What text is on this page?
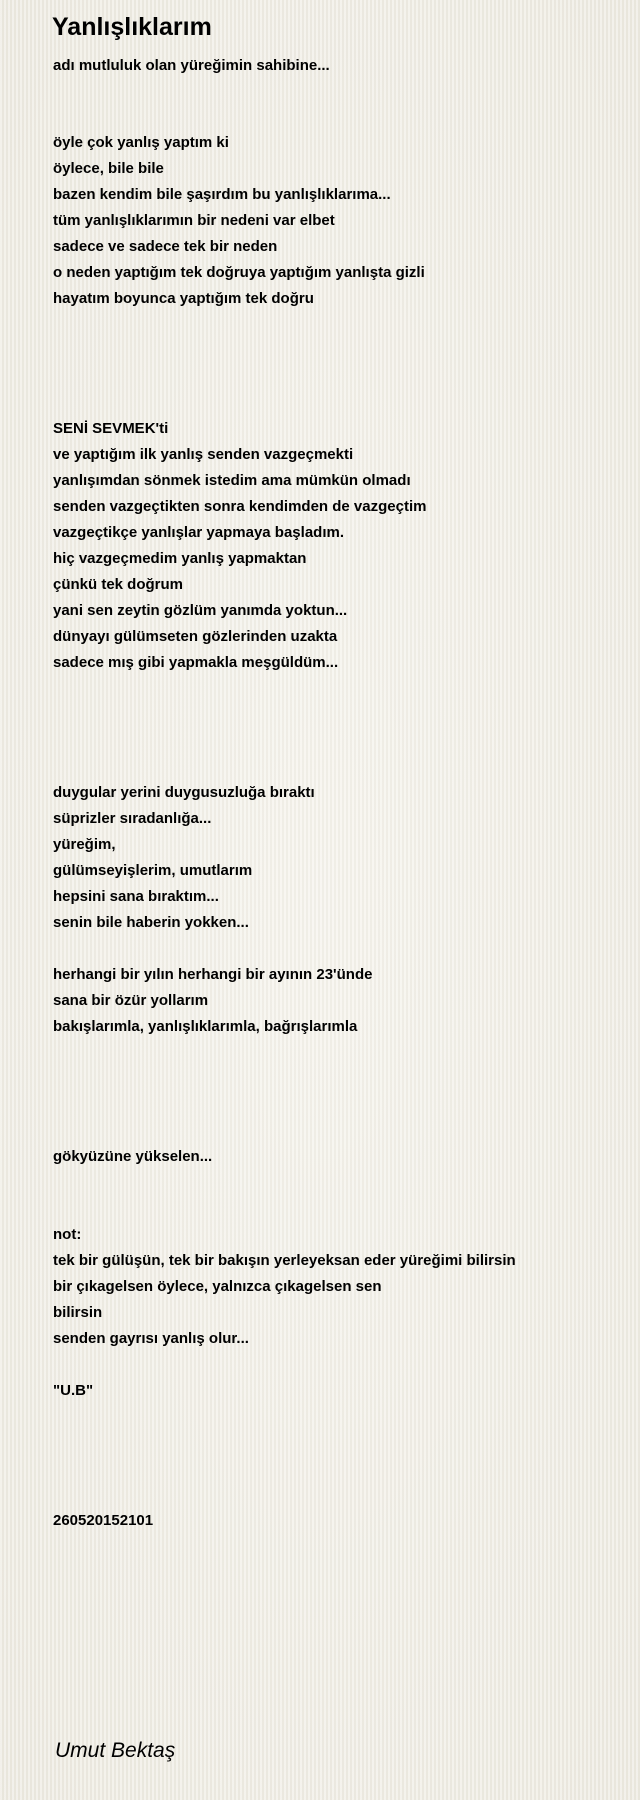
Yanlışlıklarım
adı mutluluk olan yüreğimin sahibine...
öyle çok yanlış yaptım ki
öylece, bile bile
bazen kendim bile şaşırdım bu yanlışlıklarıma...
tüm yanlışlıklarımın bir nedeni var elbet
sadece ve sadece tek bir neden
o neden yaptığım tek doğruya yaptığım yanlışta gizli
hayatım boyunca yaptığım tek doğru
SENİ SEVMEK'ti
ve yaptığım ilk yanlış senden vazgeçmekti
yanlışımdan sönmek istedim ama mümkün olmadı
senden vazgeçtikten sonra kendimden de vazgeçtim
vazgeçtikçe yanlışlar yapmaya başladım.
hiç vazgeçmedim yanlış yapmaktan
çünkü tek doğrum
yani sen zeytin gözlüm yanımda yoktun...
dünyayı gülümseten gözlerinden uzakta
sadece mış gibi yapmakla meşgüldüm...
duygular yerini duygusuzluğa bıraktı
süprizler sıradanlığa...
yüreğim,
gülümseyişlerim, umutlarım
hepsini sana bıraktım...
senin bile haberin yokken...
herhangi bir yılın herhangi bir ayının 23'ünde
sana bir özür yollarım
bakışlarımla, yanlışlıklarımla, bağrışlarımla
gökyüzüne yükselen...
not:
tek bir gülüşün, tek bir bakışın yerleyeksan eder yüreğimi bilirsin
bir çıkagelsen öylece, yalnızca çıkagelsen sen
bilirsin
senden gayrısı yanlış olur...
"U.B"
260520152101
Umut Bektaş
